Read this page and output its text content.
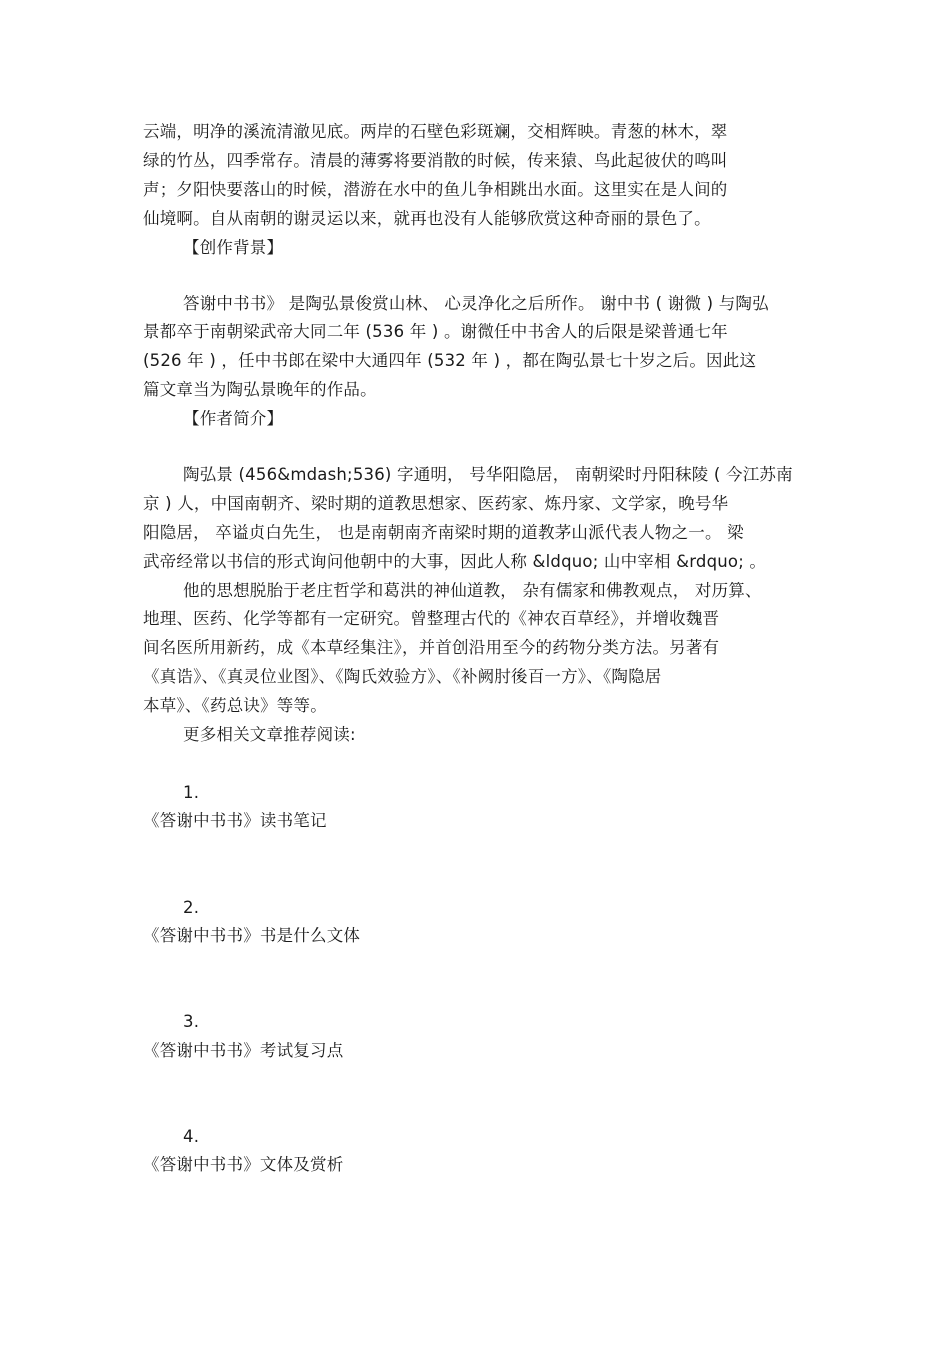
云端，明净的溪流清澈见底。两岸的石壁色彩斑斓，交相辉映。青葱的林木，翠
绿的竹丛，四季常存。清晨的薄雾将要消散的时候，传来猿、鸟此起彼伏的鸣叫
声；夕阳快要落山的时候，潜游在水中的鱼儿争相跳出水面。这里实在是人间的
仙境啊。自从南朝的谢灵运以来，就再也没有人能够欣赏这种奇丽的景色了。
【创作背景】
答谢中书书》 是陶弘景俊赏山林、 心灵净化之后所作。 谢中书 ( 谢微 ) 与陶弘
景都卒于南朝梁武帝大同二年 (536 年 ) 。谢微任中书舍人的后限是梁普通七年
(526 年 ) ，任中书郎在梁中大通四年 (532 年 ) ，都在陶弘景七十岁之后。因此这
篇文章当为陶弘景晚年的作品。
【作者简介】
陶弘景 (456&mdash;536) 字通明， 号华阳隐居， 南朝梁时丹阳秣陵 ( 今江苏南
京 ) 人，中国南朝齐、梁时期的道教思想家、医药家、炼丹家、文学家，晚号华
阳隐居， 卒谥贞白先生， 也是南朝南齐南梁时期的道教茅山派代表人物之一。 梁
武帝经常以书信的形式询问他朝中的大事，因此人称 &ldquo; 山中宰相 &rdquo; 。
他的思想脱胎于老庄哲学和葛洪的神仙道教， 杂有儒家和佛教观点， 对历算、
地理、医药、化学等都有一定研究。曾整理古代的《神农百草经》，并增收魏晋
间名医所用新药，成《本草经集注》，并首创沿用至今的药物分类方法。另著有
《真诰》、《真灵位业图》、《陶氏效验方》、《补阙肘後百一方》、《陶隐居
本草》、《药总诀》等等。
更多相关文章推荐阅读:
1.
《答谢中书书》读书笔记
2.
《答谢中书书》书是什么文体
3.
《答谢中书书》考试复习点
4.
《答谢中书书》文体及赏析
